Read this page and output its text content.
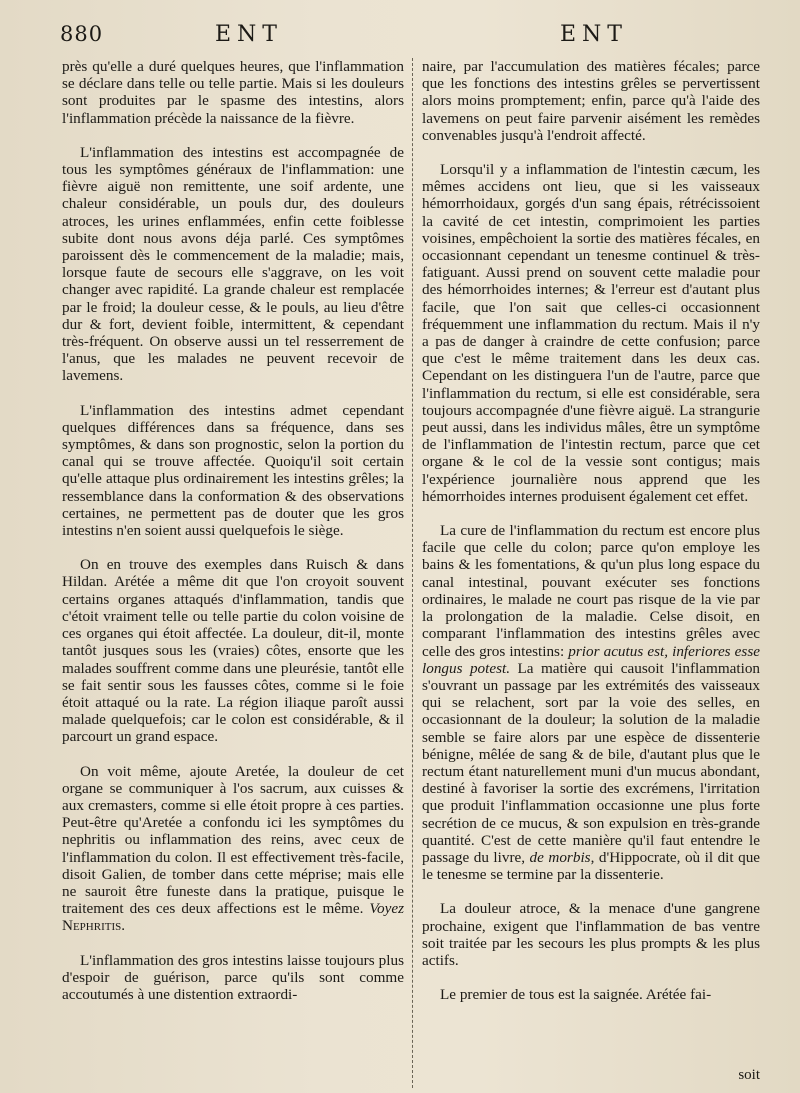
880	ENT	ENT

près qu'elle a duré quelques heures, que l'inflammation se déclare dans telle ou telle partie. Mais si les douleurs sont produites par le spasme des intestins, alors l'inflammation précède la naissance de la fièvre.

L'inflammation des intestins est accompagnée de tous les symptômes généraux de l'inflammation: une fièvre aiguë non remittente, une soif ardente, une chaleur considérable, un pouls dur, des douleurs atroces, les urines enflammées, enfin cette foiblesse subite dont nous avons déja parlé. Ces symptômes paroissent dès le commencement de la maladie; mais, lorsque faute de secours elle s'aggrave, on les voit changer avec rapidité. La grande chaleur est remplacée par le froid; la douleur cesse, & le pouls, au lieu d'être dur & fort, devient foible, intermittent, & cependant très-fréquent. On observe aussi un tel resserrement de l'anus, que les malades ne peuvent recevoir de lavemens.

L'inflammation des intestins admet cependant quelques différences dans sa fréquence, dans ses symptômes, & dans son prognostic, selon la portion du canal qui se trouve affectée. Quoiqu'il soit certain qu'elle attaque plus ordinairement les intestins grêles; la ressemblance dans la conformation & des observations certaines, ne permettent pas de douter que les gros intestins n'en soient aussi quelquefois le siège.

On en trouve des exemples dans Ruisch & dans Hildan. Arétée a même dit que l'on croyoit souvent certains organes attaqués d'inflammation, tandis que c'étoit vraiment telle ou telle partie du colon voisine de ces organes qui étoit affectée. La douleur, dit-il, monte tantôt jusques sous les (vraies) côtes, ensorte que les malades souffrent comme dans une pleurésie, tantôt elle se fait sentir sous les fausses côtes, comme si le foie étoit attaqué ou la rate. La région iliaque paroît aussi malade quelquefois; car le colon est considérable, & il parcourt un grand espace.

On voit même, ajoute Aretée, la douleur de cet organe se communiquer à l'os sacrum, aux cuisses & aux cremasters, comme si elle étoit propre à ces parties. Peut-être qu'Aretée a confondu ici les symptômes du nephritis ou inflammation des reins, avec ceux de l'inflammation du colon. Il est effectivement très-facile, disoit Galien, de tomber dans cette méprise; mais elle ne sauroit être funeste dans la pratique, puisque le traitement des ces deux affections est le même. Voyez Nephritis.

L'inflammation des gros intestins laisse toujours plus d'espoir de guérison, parce qu'ils sont comme accoutumés à une distention extraordi-

naire, par l'accumulation des matières fécales; parce que les fonctions des intestins grêles se pervertissent alors moins promptement; enfin, parce qu'à l'aide des lavemens on peut faire parvenir aisément les remèdes convenables jusqu'à l'endroit affecté.

Lorsqu'il y a inflammation de l'intestin cæcum, les mêmes accidens ont lieu, que si les vaisseaux hémorrhoidaux, gorgés d'un sang épais, rétrécissoient la cavité de cet intestin, comprimoient les parties voisines, empêchoient la sortie des matières fécales, en occasionnant cependant un tenesme continuel & très-fatiguant. Aussi prend on souvent cette maladie pour des hémorrhoides internes; & l'erreur est d'autant plus facile, que l'on sait que celles-ci occasionnent fréquemment une inflammation du rectum. Mais il n'y a pas de danger à craindre de cette confusion; parce que c'est le même traitement dans les deux cas. Cependant on les distinguera l'un de l'autre, parce que l'inflammation du rectum, si elle est considérable, sera toujours accompagnée d'une fièvre aiguë. La strangurie peut aussi, dans les individus mâles, être un symptôme de l'inflammation de l'intestin rectum, parce que cet organe & le col de la vessie sont contigus; mais l'expérience journalière nous apprend que les hémorrhoides internes produisent également cet effet.

La cure de l'inflammation du rectum est encore plus facile que celle du colon; parce qu'on employe les bains & les fomentations, & qu'un plus long espace du canal intestinal, pouvant exécuter ses fonctions ordinaires, le malade ne court pas risque de la vie par la prolongation de la maladie. Celse disoit, en comparant l'inflammation des intestins grêles avec celle des gros intestins: prior acutus est, inferiores esse longus potest. La matière qui causoit l'inflammation s'ouvrant un passage par les extrémités des vaisseaux qui se relachent, sort par la voie des selles, en occasionnant de la douleur; la solution de la maladie semble se faire alors par une espèce de dissenterie bénigne, mêlée de sang & de bile, d'autant plus que le rectum étant naturellement muni d'un mucus abondant, destiné à favoriser la sortie des excrémens, l'irritation que produit l'inflammation occasionne une plus forte secrétion de ce mucus, & son expulsion en très-grande quantité. C'est de cette manière qu'il faut entendre le passage du livre, de morbis, d'Hippocrate, où il dit que le tenesme se termine par la dissenterie.

La douleur atroce, & la menace d'une gangrene prochaine, exigent que l'inflammation de bas ventre soit traitée par les secours les plus prompts & les plus actifs.

Le premier de tous est la saignée. Arétée fai-

soit
